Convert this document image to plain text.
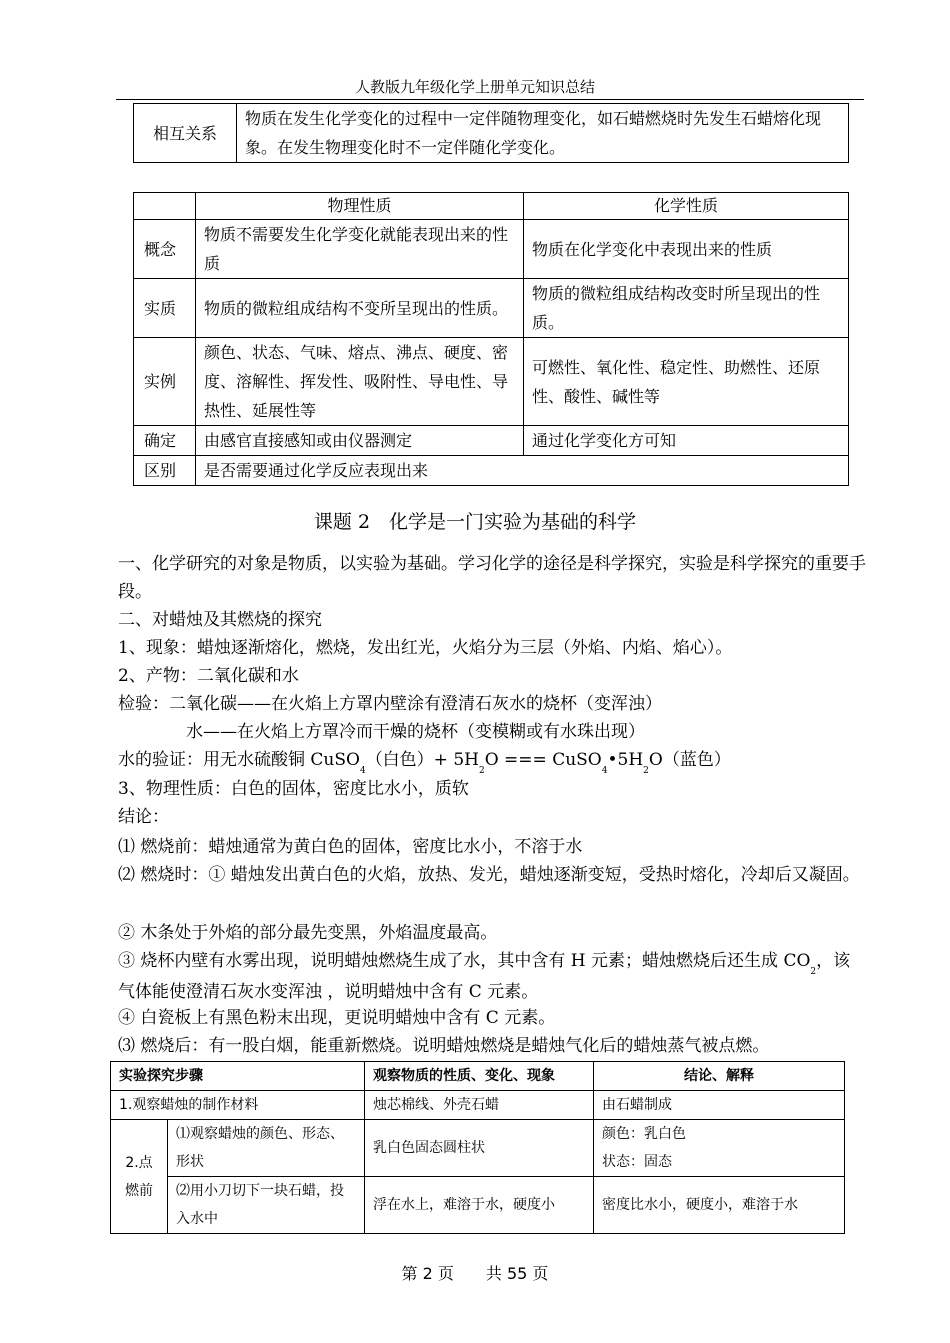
人教版九年级化学上册单元知识总结
相互关系	物质在发生化学变化的过程中一定伴随物理变化，如石蜡燃烧时先发生石蜡熔化现象。在发生物理变化时不一定伴随化学变化。
	物理性质	化学性质
概念	物质不需要发生化学变化就能表现出来的性质	物质在化学变化中表现出来的性质
实质	物质的微粒组成结构不变所呈现出的性质。	物质的微粒组成结构改变时所呈现出的性质。
实例	颜色、状态、气味、熔点、沸点、硬度、密度、溶解性、挥发性、吸附性、导电性、导热性、延展性等	可燃性、氧化性、稳定性、助燃性、还原性、酸性、碱性等
确定	由感官直接感知或由仪器测定	通过化学变化方可知
区别	是否需要通过化学反应表现出来	
课题 2　化学是一门实验为基础的科学

一、化学研究的对象是物质，以实验为基础。学习化学的途径是科学探究，实验是科学探究的重要手段。

二、对蜡烛及其燃烧的探究

1、现象：蜡烛逐渐熔化，燃烧，发出红光，火焰分为三层（外焰、内焰、焰心）。

2、产物：二氧化碳和水

检验：二氧化碳——在火焰上方罩内壁涂有澄清石灰水的烧杯（变浑浊）

水——在火焰上方罩冷而干燥的烧杯（变模糊或有水珠出现）

水的验证：用无水硫酸铜 CuSO$_4$（白色）+ $5H_2O$ === $CuSO_4•5H_2O$（蓝色）

3、物理性质：白色的固体，密度比水小，质软

结论：

⑴ 燃烧前：蜡烛通常为黄白色的固体，密度比水小，不溶于水

⑵ 燃烧时：① 蜡烛发出黄白色的火焰，放热、发光，蜡烛逐渐变短，受热时熔化，冷却后又凝固。

② 木条处于外焰的部分最先变黑，外焰温度最高。

③ 烧杯内壁有水雾出现，说明蜡烛燃烧生成了水，其中含有 H 元素；蜡烛燃烧后还生成 $CO_2$，该气体能使澄清石灰水变浑浊 ，说明蜡烛中含有 C 元素。

④ 白瓷板上有黑色粉末出现，更说明蜡烛中含有 C 元素。

⑶ 燃烧后：有一股白烟，能重新燃烧。说明蜡烛燃烧是蜡烛气化后的蜡烛蒸气被点燃。

实验探究步骤		观察物质的性质、变化、现象	结论、解释
1.观察蜡烛的制作材料		烛芯棉线、外壳石蜡	由石蜡制成
2.点燃前	⑴观察蜡烛的颜色、形态、形状	乳白色固态圆柱状	颜色：乳白色
状态：固态

	⑵用小刀切下一块石蜡，投入水中	浮在水上，难溶于水，硬度小	密度比水小，硬度小，难溶于水
第 2 页　　共 55 页
